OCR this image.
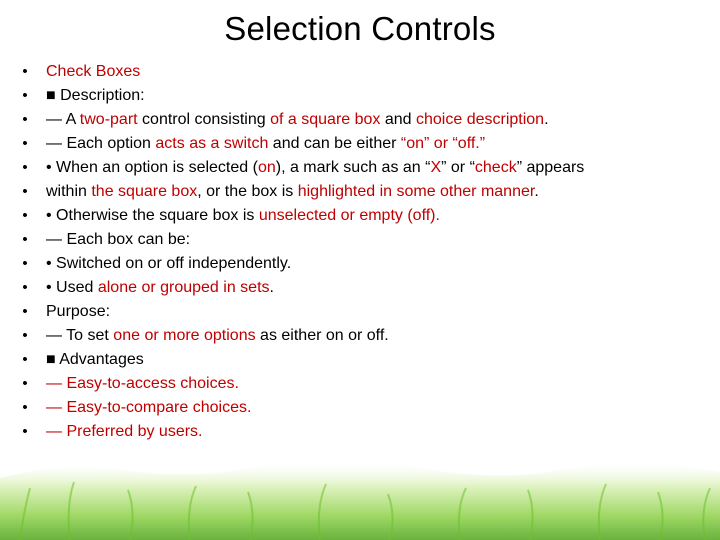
Selection Controls
• Check Boxes
• ■ Description:
• — A two-part control consisting of a square box and choice description.
• — Each option acts as a switch and can be either “on” or “off.”
• • When an option is selected (on), a mark such as an “X” or “check” appears
• within the square box, or the box is highlighted in some other manner.
• • Otherwise the square box is unselected or empty (off).
• — Each box can be:
• • Switched on or off independently.
• • Used alone or grouped in sets.
• Purpose:
• — To set one or more options as either on or off.
• ■ Advantages
• — Easy-to-access choices.
• — Easy-to-compare choices.
• — Preferred by users.
